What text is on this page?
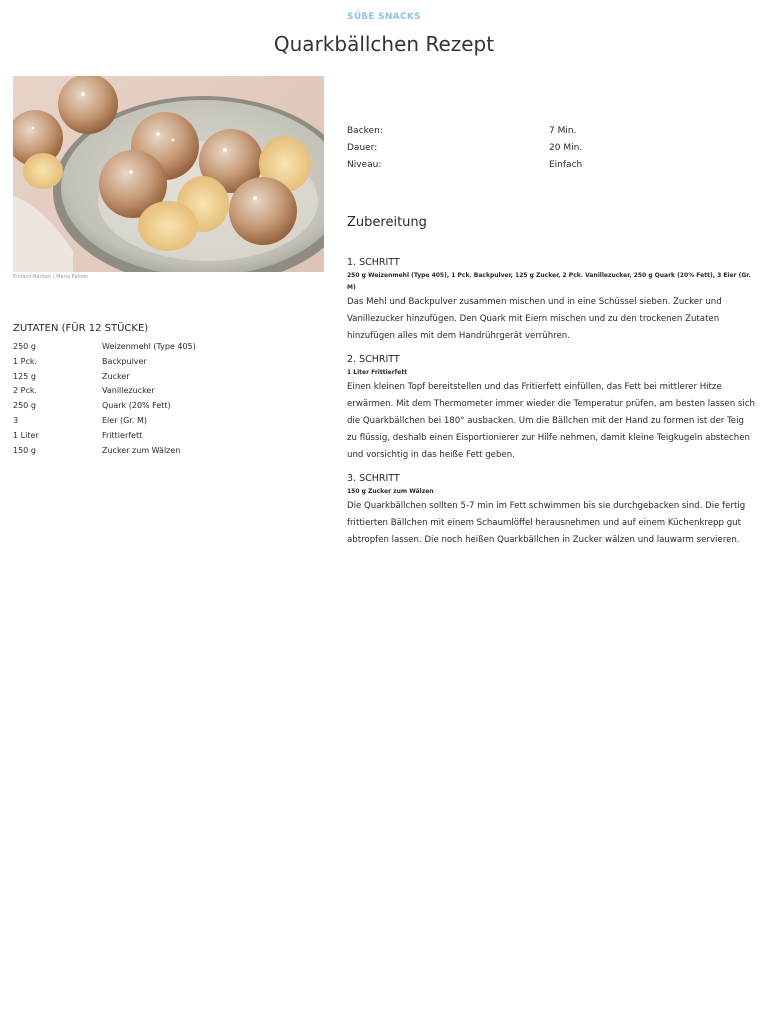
SÜßE SNACKS
Quarkbällchen Rezept
Einfach Backen / Maria Panzer
ZUTATEN (FÜR 12 STÜCKE)
250 g	Weizenmehl (Type 405)
1 Pck.	Backpulver
125 g	Zucker
2 Pck.	Vanillezucker
250 g	Quark (20% Fett)
3	Eier (Gr. M)
1 Liter	Frittierfett
150 g	Zucker zum Wälzen
Backen:	7 Min.
Dauer:	20 Min.
Niveau:	Einfach
Zubereitung
1. SCHRITT
250 g Weizenmehl (Type 405), 1 Pck. Backpulver, 125 g Zucker, 2 Pck. Vanillezucker, 250 g Quark (20% Fett), 3 Eier (Gr. M)

Das Mehl und Backpulver zusammen mischen und in eine Schüssel sieben. Zucker und Vanillezucker hinzufügen. Den Quark mit Eiern mischen und zu den trockenen Zutaten hinzufügen alles mit dem Handrührgerät verrühren.

2. SCHRITT
1 Liter Frittierfett

Einen kleinen Topf bereitstellen und das Fritierfett einfüllen, das Fett bei mittlerer Hitze erwärmen. Mit dem Thermometer immer wieder die Temperatur prüfen, am besten lassen sich die Quarkbällchen bei 180° ausbacken. Um die Bällchen mit der Hand zu formen ist der Teig zu flüssig, deshalb einen Eisportionierer zur Hilfe nehmen, damit kleine Teigkugeln abstechen und vorsichtig in das heiße Fett geben.

3. SCHRITT
150 g Zucker zum Wälzen

Die Quarkbällchen sollten 5-7 min im Fett schwimmen bis sie durchgebacken sind. Die fertig frittierten Bällchen mit einem Schaumlöffel herausnehmen und auf einem Küchenkrepp gut abtropfen lassen. Die noch heißen Quarkbällchen in Zucker wälzen und lauwarm servieren.
